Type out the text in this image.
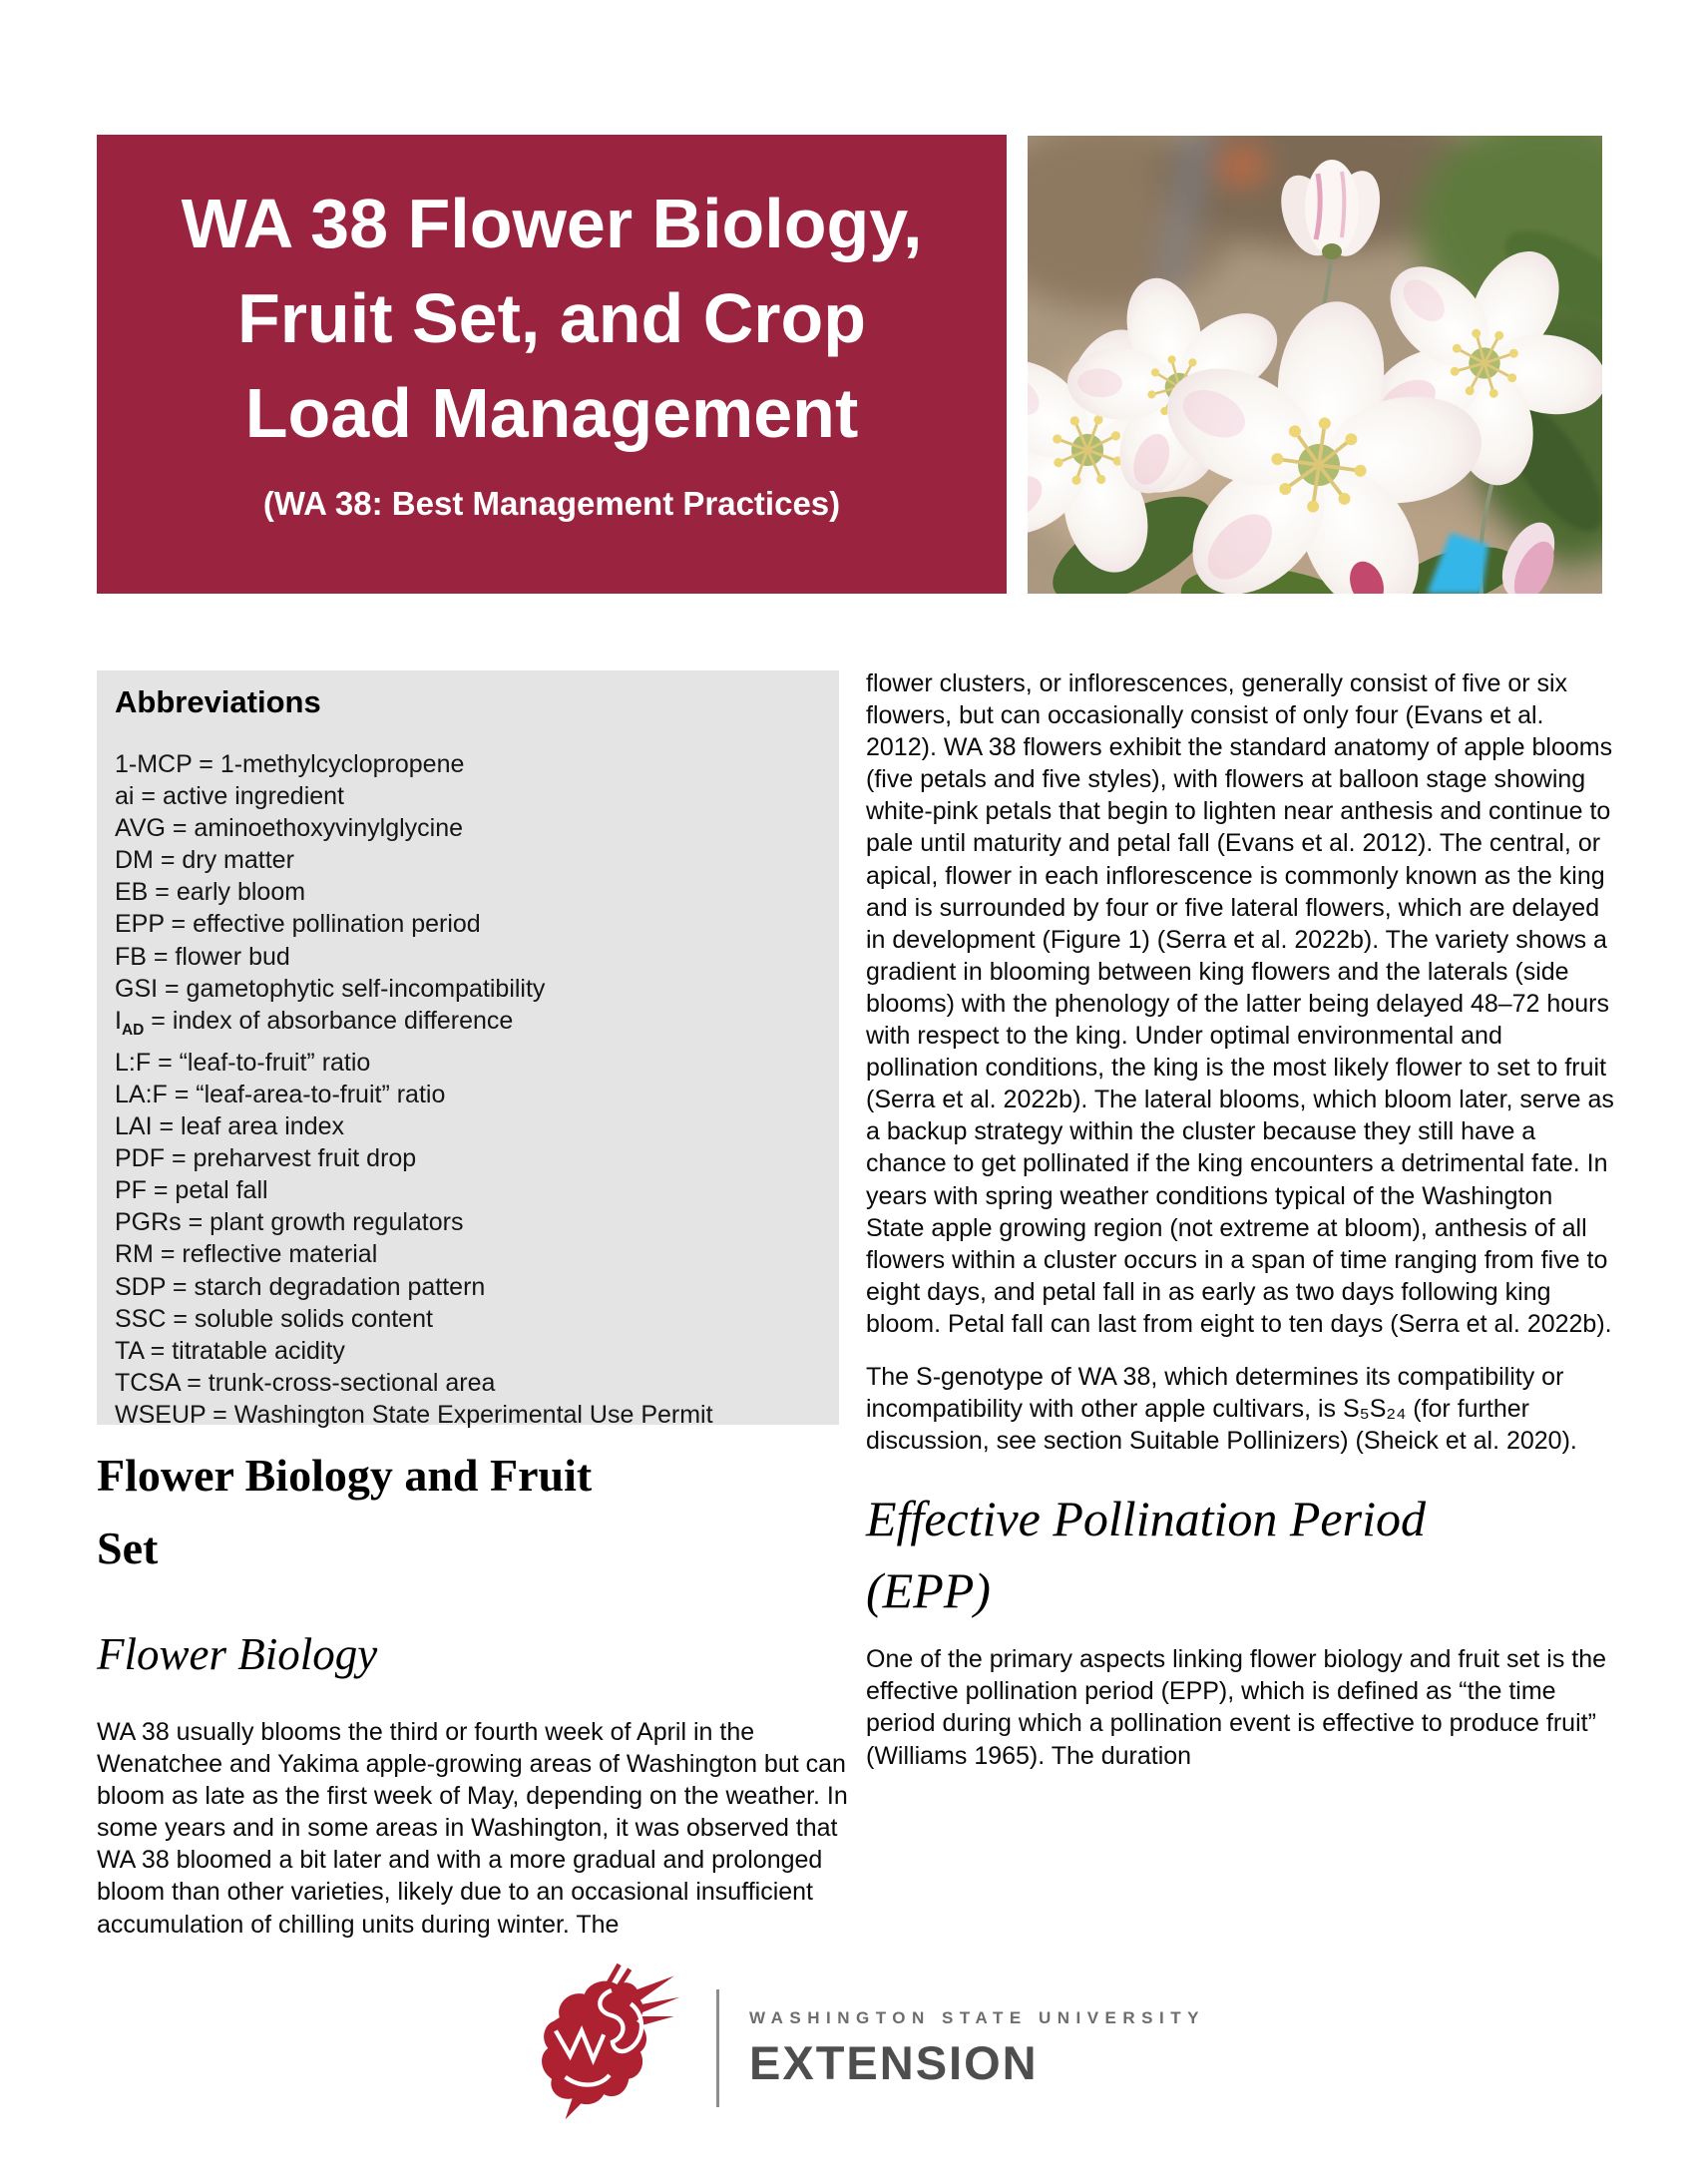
WA 38 Flower Biology,
Fruit Set, and Crop
Load Management
(WA 38: Best Management Practices)
Abbreviations
1-MCP = 1-methylcyclopropene
ai = active ingredient
AVG = aminoethoxyvinylglycine
DM = dry matter
EB = early bloom
EPP = effective pollination period
FB = flower bud
GSI = gametophytic self-incompatibility
$I_{AD}$ = index of absorbance difference
L:F = “leaf-to-fruit” ratio
LA:F = “leaf-area-to-fruit” ratio
LAI = leaf area index
PDF = preharvest fruit drop
PF = petal fall
PGRs = plant growth regulators
RM = reflective material
SDP = starch degradation pattern
SSC = soluble solids content
TA = titratable acidity
TCSA = trunk-cross-sectional area
WSEUP = Washington State Experimental Use Permit
Flower Biology and Fruit
Set
Flower Biology

WA 38 usually blooms the third or fourth week of April in the Wenatchee and Yakima apple-growing areas of Washington but can bloom as late as the first week of May, depending on the weather. In some years and in some areas in Washington, it was observed that WA 38 bloomed a bit later and with a more gradual and prolonged bloom than other varieties, likely due to an occasional insufficient accumulation of chilling units during winter. The

flower clusters, or inflorescences, generally consist of five or six flowers, but can occasionally consist of only four (Evans et al. 2012). WA 38 flowers exhibit the standard anatomy of apple blooms (five petals and five styles), with flowers at balloon stage showing white-pink petals that begin to lighten near anthesis and continue to pale until maturity and petal fall (Evans et al. 2012). The central, or apical, flower in each inflorescence is commonly known as the king and is surrounded by four or five lateral flowers, which are delayed in development (Figure 1) (Serra et al. 2022b). The variety shows a gradient in blooming between king flowers and the laterals (side blooms) with the phenology of the latter being delayed 48–72 hours with respect to the king. Under optimal environmental and pollination conditions, the king is the most likely flower to set to fruit (Serra et al. 2022b). The lateral blooms, which bloom later, serve as a backup strategy within the cluster because they still have a chance to get pollinated if the king encounters a detrimental fate. In years with spring weather conditions typical of the Washington State apple growing region (not extreme at bloom), anthesis of all flowers within a cluster occurs in a span of time ranging from five to eight days, and petal fall in as early as two days following king bloom. Petal fall can last from eight to ten days (Serra et al. 2022b).

The S-genotype of WA 38, which determines its compatibility or incompatibility with other apple cultivars, is S₅S₂₄ (for further discussion, see section Suitable Pollinizers) (Sheick et al. 2020).

Effective Pollination Period
(EPP)

One of the primary aspects linking flower biology and fruit set is the effective pollination period (EPP), which is defined as “the time period during which a pollination event is effective to produce fruit” (Williams 1965). The duration

WASHINGTON STATE UNIVERSITY
EXTENSION
